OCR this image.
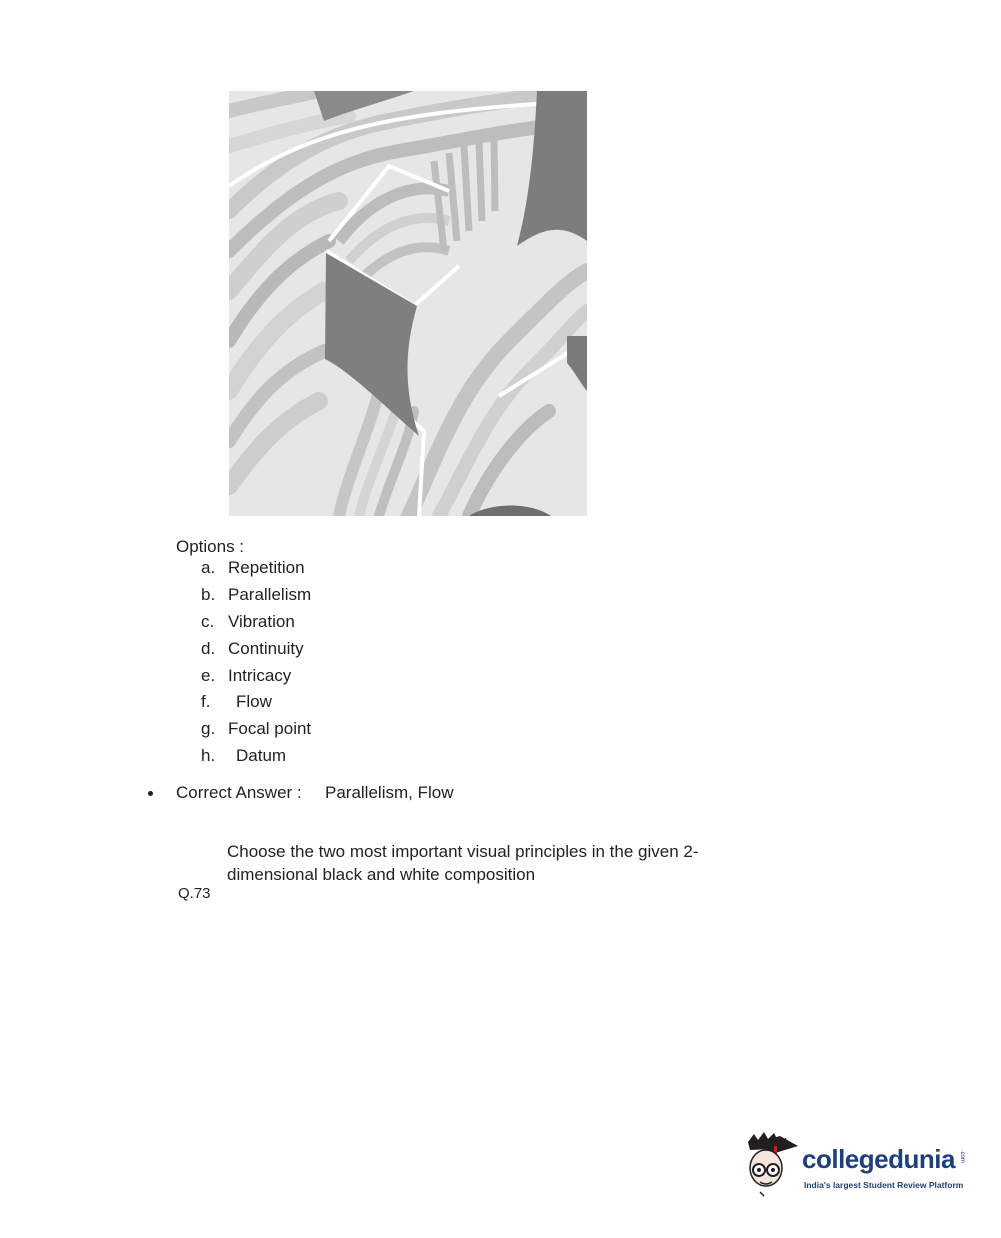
Options :
a. Repetition
b. Parallelism
c. Vibration
d. Continuity
e. Intricacy
f. Flow
g. Focal point
h. Datum
Correct Answer : Parallelism, Flow
Choose the two most important visual principles in the given 2-dimensional black and white composition
Q.73
collegedunia .com
India's largest Student Review Platform
